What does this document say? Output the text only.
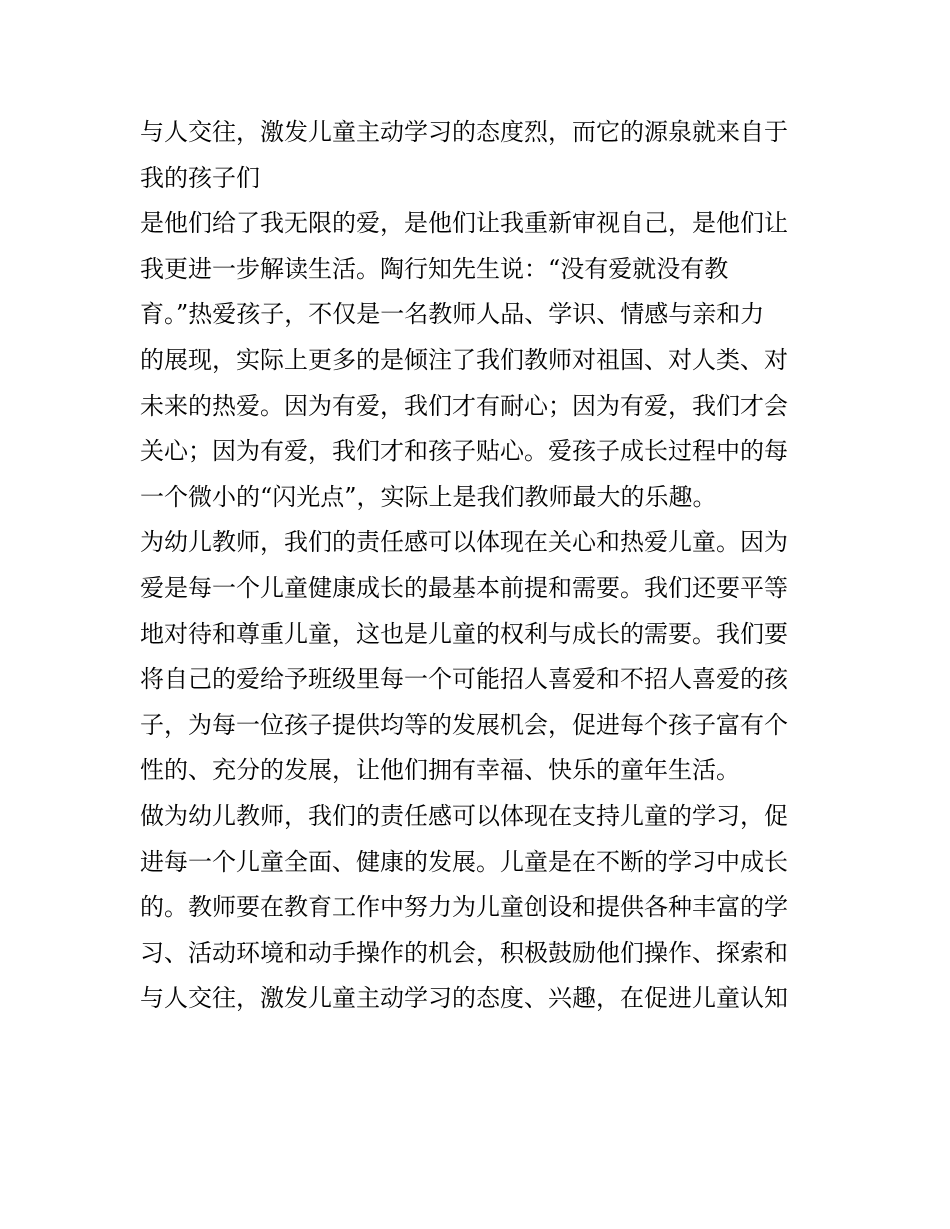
与人交往，激发儿童主动学习的态度烈，而它的源泉就来自于
我的孩子们
是他们给了我无限的爱，是他们让我重新审视自己，是他们让
我更进一步解读生活。陶行知先生说：“没有爱就没有教
育。”热爱孩子，不仅是一名教师人品、学识、情感与亲和力
的展现，实际上更多的是倾注了我们教师对祖国、对人类、对
未来的热爱。因为有爱，我们才有耐心；因为有爱，我们才会
关心；因为有爱，我们才和孩子贴心。爱孩子成长过程中的每
一个微小的“闪光点”，实际上是我们教师最大的乐趣。
为幼儿教师，我们的责任感可以体现在关心和热爱儿童。因为
爱是每一个儿童健康成长的最基本前提和需要。我们还要平等
地对待和尊重儿童，这也是儿童的权利与成长的需要。我们要
将自己的爱给予班级里每一个可能招人喜爱和不招人喜爱的孩
子，为每一位孩子提供均等的发展机会，促进每个孩子富有个
性的、充分的发展，让他们拥有幸福、快乐的童年生活。
做为幼儿教师，我们的责任感可以体现在支持儿童的学习，促
进每一个儿童全面、健康的发展。儿童是在不断的学习中成长
的。教师要在教育工作中努力为儿童创设和提供各种丰富的学
习、活动环境和动手操作的机会，积极鼓励他们操作、探索和
与人交往，激发儿童主动学习的态度、兴趣，在促进儿童认知
